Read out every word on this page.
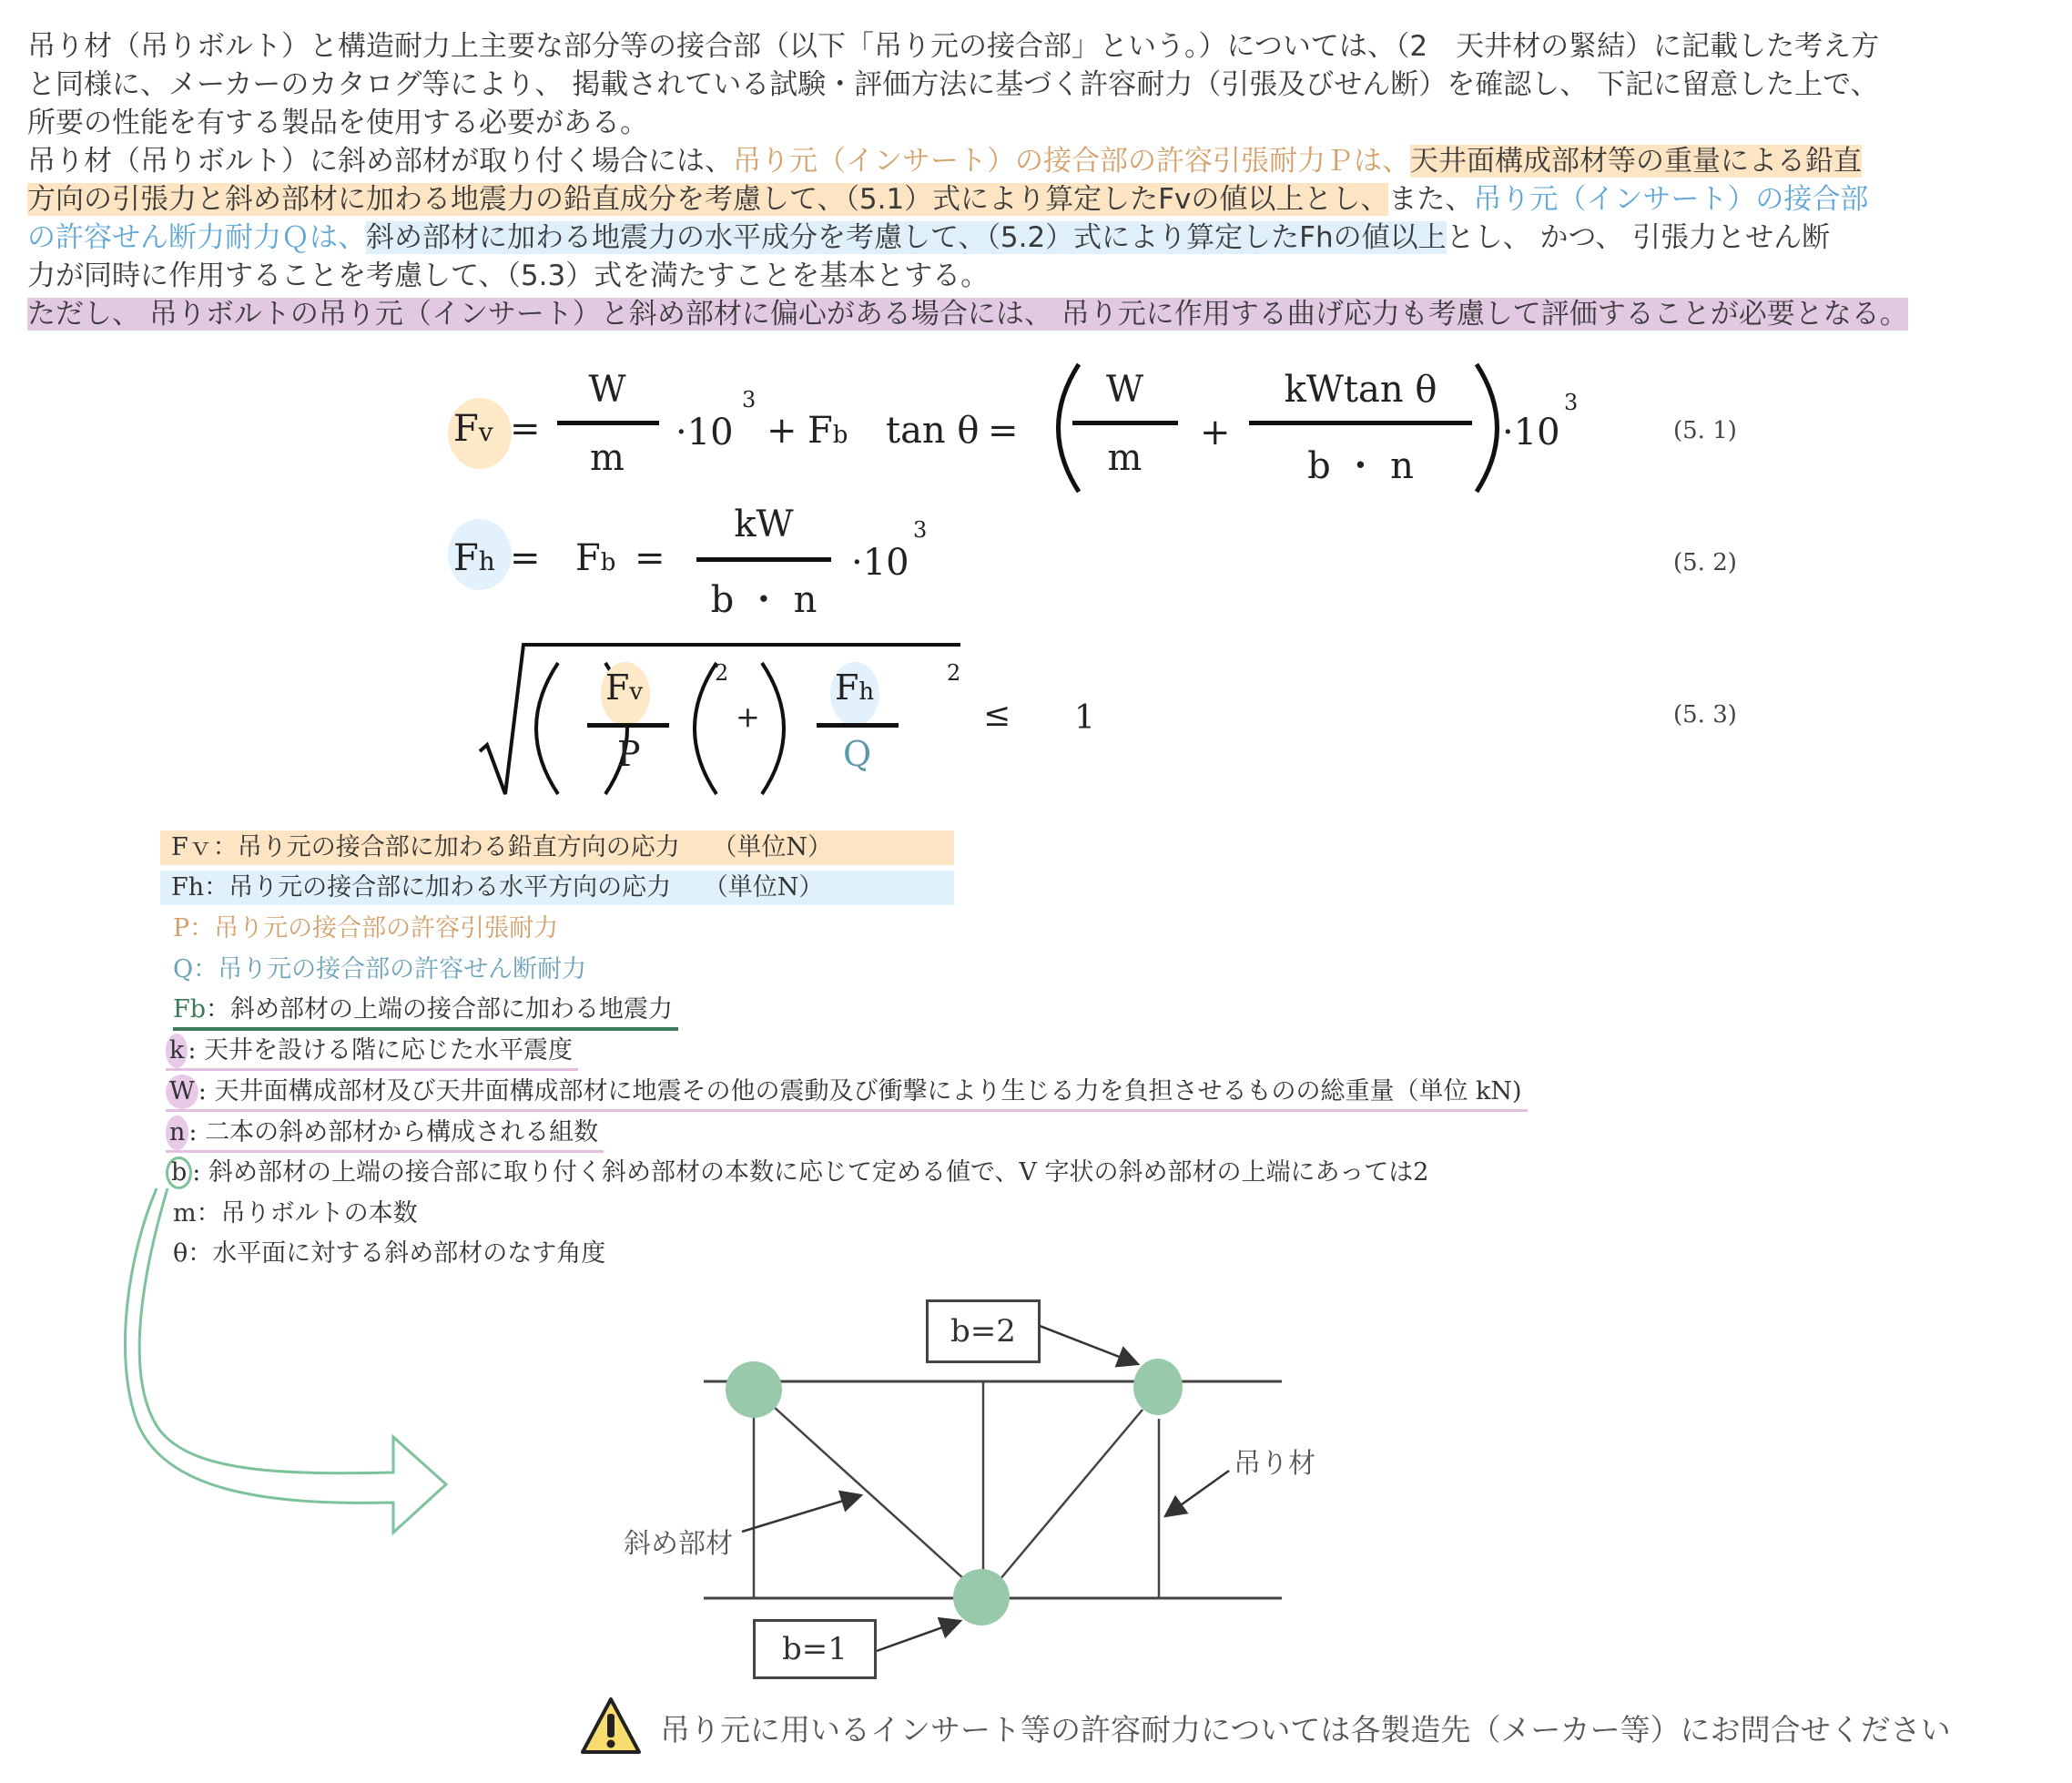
吊り材（吊りボルト）と構造耐力上主要な部分等の接合部（以下「吊り元の接合部」という。）については、（2　天井材の緊結）に記載した考え方
と同様に、メーカーのカタログ等により、 掲載されている試験・評価方法に基づく許容耐力（引張及びせん断）を確認し、 下記に留意した上で、
所要の性能を有する製品を使用する必要がある。
吊り材（吊りボルト）に斜め部材が取り付く場合には、吊り元（インサート）の接合部の許容引張耐力Ｐは、天井面構成部材等の重量による鉛直
方向の引張力と斜め部材に加わる地震力の鉛直成分を考慮して、（5.1）式により算定したFvの値以上とし、また、吊り元（インサート）の接合部
の許容せん断力耐力Ｑは、斜め部材に加わる地震力の水平成分を考慮して、（5.2）式により算定したFhの値以上とし、 かつ、 引張力とせん断
力が同時に作用することを考慮して、（5.3）式を満たすことを基本とする。
ただし、 吊りボルトの吊り元（インサート）と斜め部材に偏心がある場合には、 吊り元に作用する曲げ応力も考慮して評価することが必要となる。
Fv =
W
m
·10
3
+ Fb tan θ =
W
m
+
kWtan θ
b ・ n
·10
3
(5. 1)
Fh = Fb =
kW
b ・ n
·10
3
(5. 2)
Fv
P
2
+
Fh
Q
2
≤ 1	(5. 3)
Fｖ：吊り元の接合部に加わる鉛直方向の応力　 （単位N）
Fh：吊り元の接合部に加わる水平方向の応力　 （単位N）
P：吊り元の接合部の許容引張耐力
Q：吊り元の接合部の許容せん断耐力
Fb：斜め部材の上端の接合部に加わる地震力
k : 天井を設ける階に応じた水平震度
W : 天井面構成部材及び天井面構成部材に地震その他の震動及び衝撃により生じる力を負担させるものの総重量（単位 kN)
n : 二本の斜め部材から構成される組数
b : 斜め部材の上端の接合部に取り付く斜め部材の本数に応じて定める値で、V 字状の斜め部材の上端にあっては2
m：吊りボルトの本数
θ：水平面に対する斜め部材のなす角度
b=2
b=1
斜め部材
吊り材
吊り元に用いるインサート等の許容耐力については各製造先（メーカー等）にお問合せください
